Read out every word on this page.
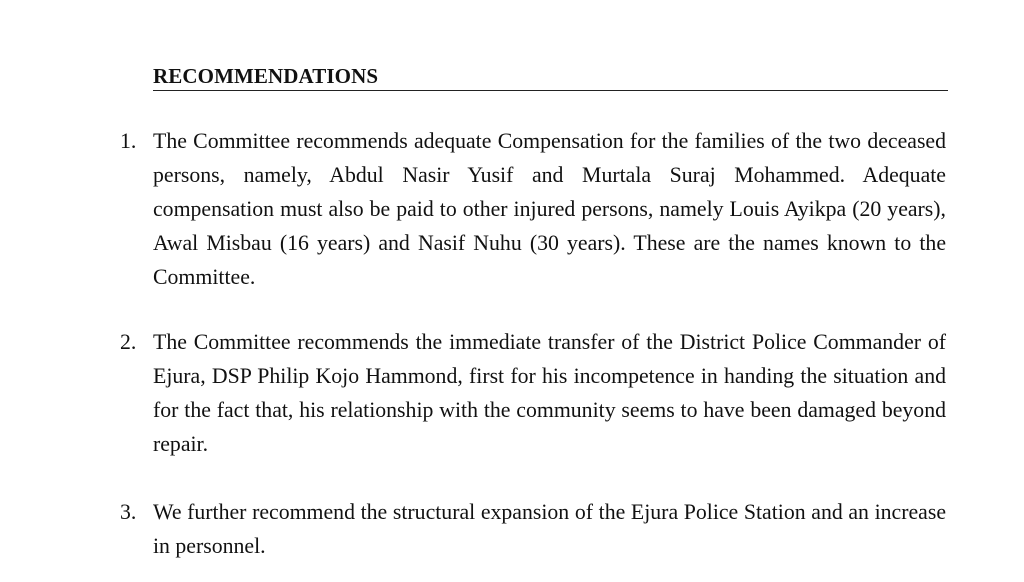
RECOMMENDATIONS
1. The Committee recommends adequate Compensation for the families of the two deceased persons, namely, Abdul Nasir Yusif and Murtala Suraj Mohammed. Adequate compensation must also be paid to other injured persons, namely Louis Ayikpa (20 years), Awal Misbau (16 years) and Nasif Nuhu (30 years). These are the names known to the Committee.
2. The Committee recommends the immediate transfer of the District Police Commander of Ejura, DSP Philip Kojo Hammond, first for his incompetence in handing the situation and for the fact that, his relationship with the community seems to have been damaged beyond repair.
3. We further recommend the structural expansion of the Ejura Police Station and an increase in personnel.
